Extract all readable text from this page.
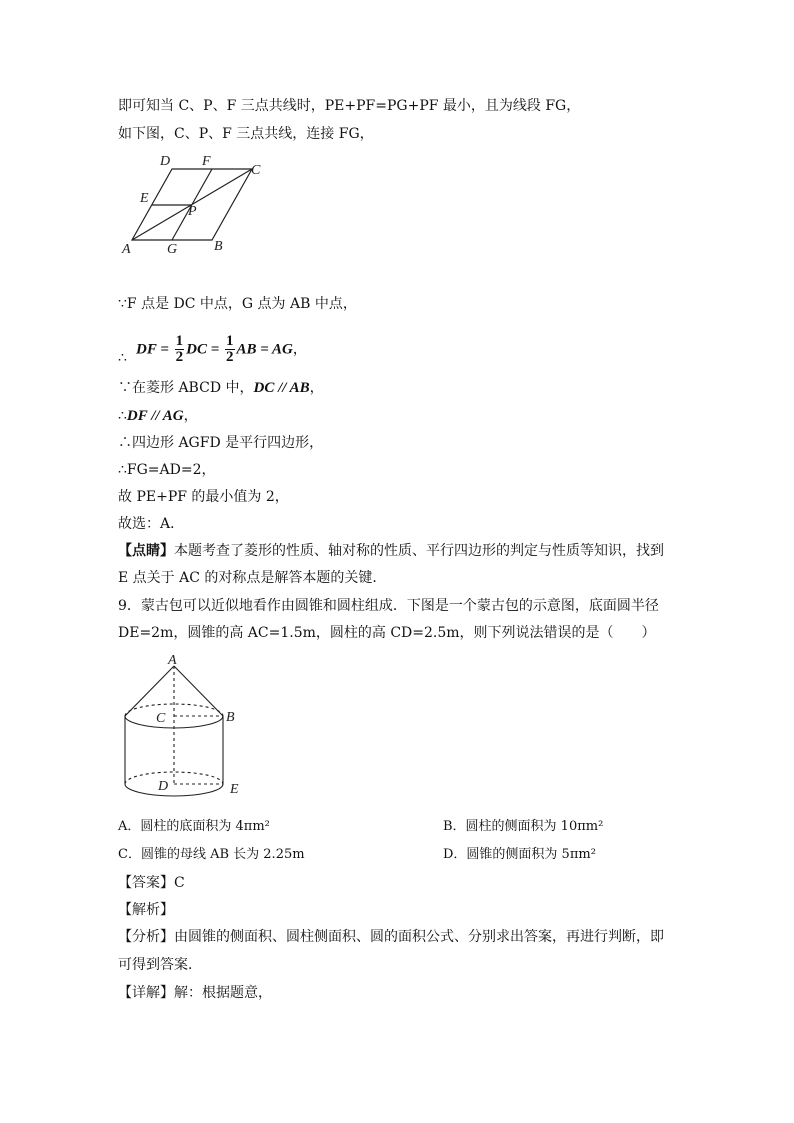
即可知当 C、P、F 三点共线时，PE+PF=PG+PF 最小，且为线段 FG，
如下图，C、P、F 三点共线，连接 FG，
D F
C
E
P
A	G	B
∵F 点是 DC 中点，G 点为 AB 中点，
∴
DF = $\frac{1}{2}$ DC = $\frac{1}{2}$ AB = AG，
∵在菱形 ABCD 中，DC // AB，
∴DF // AG，
∴四边形 AGFD 是平行四边形，
∴FG=AD=2，
故 PE+PF 的最小值为 2，
故选：A．
【点睛】本题考查了菱形的性质、轴对称的性质、平行四边形的判定与性质等知识，找到
E 点关于 AC 的对称点是解答本题的关键．
9．蒙古包可以近似地看作由圆锥和圆柱组成．下图是一个蒙古包的示意图，底面圆半径
DE=2m，圆锥的高 AC=1.5m，圆柱的高 CD=2.5m，则下列说法错误的是（　　）
A
B
C
D	E
A．圆柱的底面积为 4πm²	B．圆柱的侧面积为 10πm²
C．圆锥的母线 AB 长为 2.25m	D．圆锥的侧面积为 5πm²
【答案】C
【解析】
【分析】由圆锥的侧面积、圆柱侧面积、圆的面积公式、分别求出答案，再进行判断，即
可得到答案．
【详解】解：根据题意，
